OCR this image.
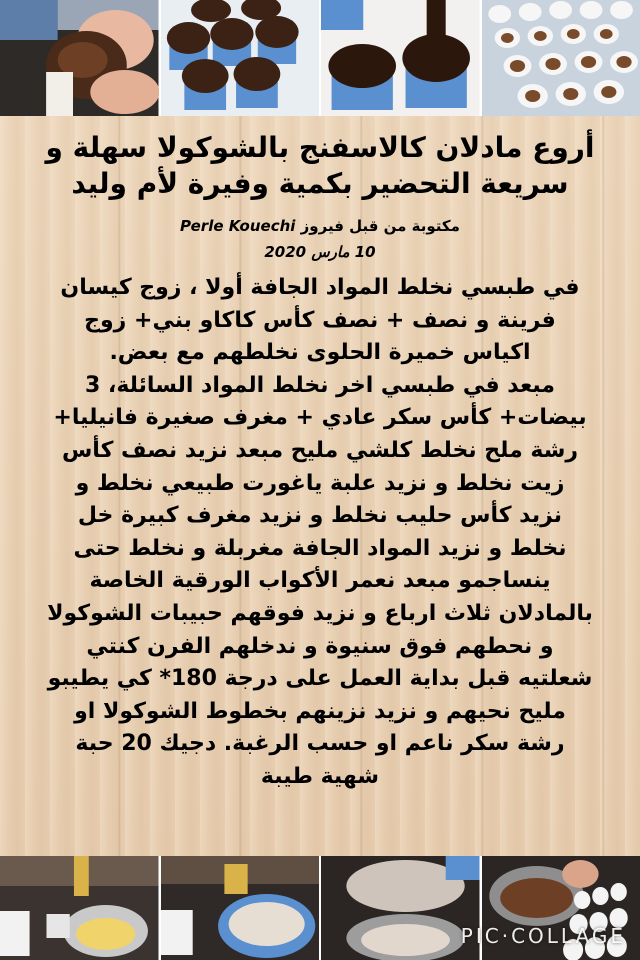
أروع مادلان كالاسفنج بالشوكولا سهلة و
سريعة التحضير بكمية وفيرة لأم وليد
مكتوبة من قبل فيروز Perle Kouechi
10 مارس 2020

في طبسي نخلط المواد الجافة أولا ، زوج كيسان

فرينة و نصف + نصف كأس كاكاو بني+ زوج

اكياس خميرة الحلوى نخلطهم مع بعض.

مبعد في طبسي اخر نخلط المواد السائلة، 3

بيضات+ كأس سكر عادي + مغرف صغيرة فانيليا+

رشة ملح نخلط كلشي مليح مبعد نزيد نصف كأس

زيت نخلط و نزيد علبة ياغورت طبيعي نخلط و

نزيد كأس حليب نخلط و نزيد مغرف كبيرة خل

نخلط و نزيد المواد الجافة مغربلة و نخلط حتى

ينساجمو مبعد نعمر الأكواب الورقية الخاصة

بالمادلان ثلاث ارباع و نزيد فوقهم حبيبات الشوكولا

و نحطهم فوق سنيوة و ندخلهم الفرن كنتي

شعلتيه قبل بداية العمل على درجة 180* كي يطيبو

مليح نحيهم و نزيد نزينهم بخطوط الشوكولا او

رشة سكر ناعم او حسب الرغبة. دجيك 20 حبة

شهية طيبة

PIC·COLLAGE
